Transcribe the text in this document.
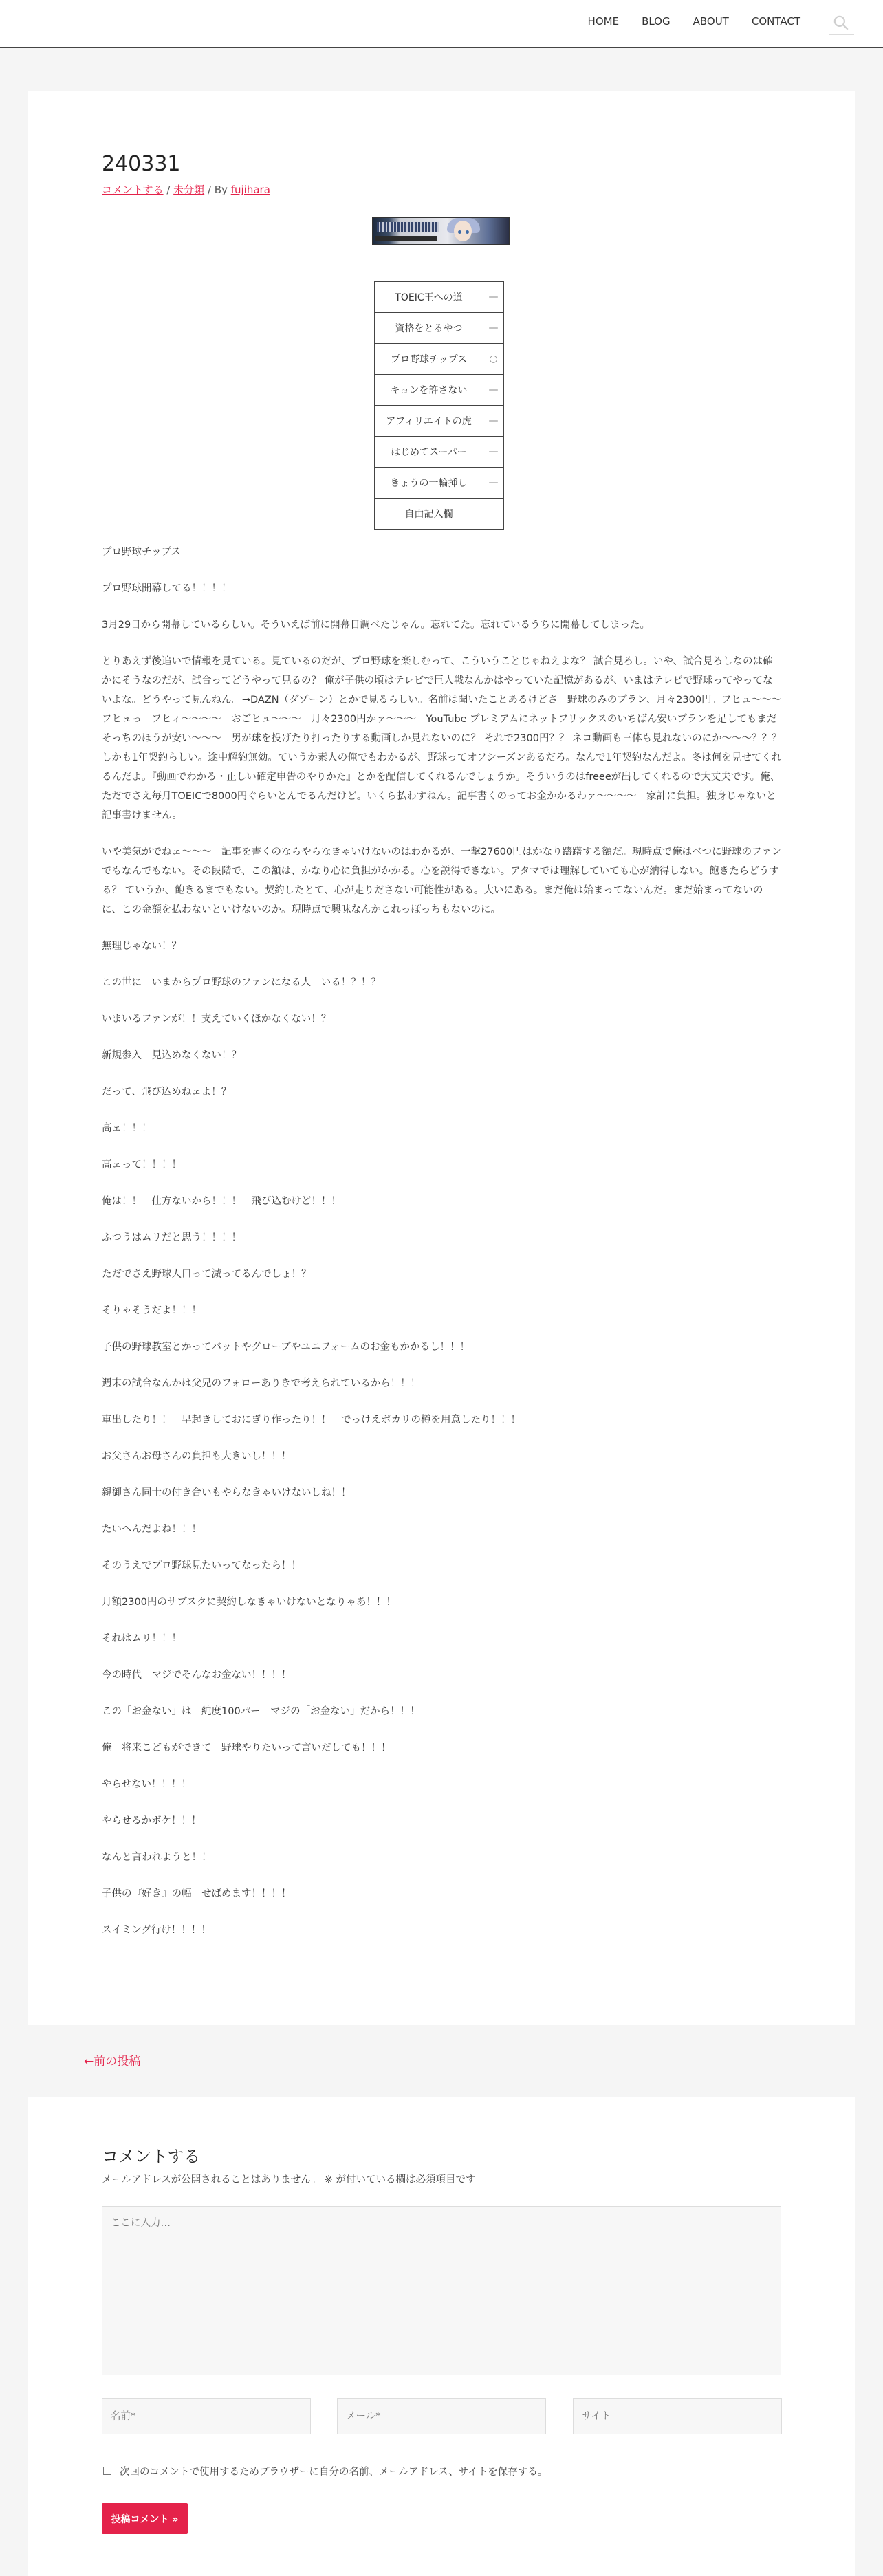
HOME BLOG ABOUT CONTACT
240331
コメントする / 未分類 / By fujihara
TOEIC王への道	—
資格をとるやつ	—
プロ野球チップス	○
キョンを許さない	—
アフィリエイトの虎	—
はじめてスーパー	—
きょうの一輪挿し	—
自由記入欄	

プロ野球チップス

プロ野球開幕してる！！！！

3月29日から開幕しているらしい。そういえば前に開幕日調べたじゃん。忘れてた。忘れているうちに開幕してしまった。

とりあえず後追いで情報を見ている。見ているのだが、プロ野球を楽しむって、こういうことじゃねえよな？ 試合見ろし。いや、試合見ろしなのは確かにそうなのだが、試合ってどうやって見るの？ 俺が子供の頃はテレビで巨人戦なんかはやっていた記憶があるが、いまはテレビで野球ってやってないよな。どうやって見んねん。→DAZN（ダゾーン）とかで見るらしい。名前は聞いたことあるけどさ。野球のみのプラン、月々2300円。フヒュ〜〜〜　フヒュっ　フヒィ〜〜〜〜　おごヒュ〜〜〜　月々2300円かァ〜〜〜　YouTube プレミアムにネットフリックスのいちばん安いプランを足してもまだそっちのほうが安い〜〜〜　男が球を投げたり打ったりする動画しか見れないのに？ それで2300円？？ ネコ動画も三体も見れないのにか〜〜〜？？？ しかも1年契約らしい。途中解約無効。ていうか素人の俺でもわかるが、野球ってオフシーズンあるだろ。なんで1年契約なんだよ。冬は何を見せてくれるんだよ。『動画でわかる・正しい確定申告のやりかた』とかを配信してくれるんでしょうか。そういうのはfreeeが出してくれるので大丈夫です。俺、ただでさえ毎月TOEICで8000円ぐらいとんでるんだけど。いくら払わすねん。記事書くのってお金かかるわァ〜〜〜〜　家計に負担。独身じゃないと記事書けません。

いや美気がでねェ〜〜〜　記事を書くのならやらなきゃいけないのはわかるが、一撃27600円はかなり躊躇する額だ。現時点で俺はべつに野球のファンでもなんでもない。その段階で、この額は、かなり心に負担がかかる。心を説得できない。アタマでは理解していても心が納得しない。飽きたらどうする？ ていうか、飽きるまでもない。契約したとて、心が走りださない可能性がある。大いにある。まだ俺は始まってないんだ。まだ始まってないのに、この金額を払わないといけないのか。現時点で興味なんかこれっぽっちもないのに。

無理じゃない！？

この世に　いまからプロ野球のファンになる人　いる！？！？

いまいるファンが！！支えていくほかなくない！？

新規参入　見込めなくない！？

だって、飛び込めねェよ！？

高ェ！！！

高ェって！！！！

俺は！！　仕方ないから！！！　飛び込むけど！！！

ふつうはムリだと思う！！！！

ただでさえ野球人口って減ってるんでしょ！？

そりゃそうだよ！！！

子供の野球教室とかってバットやグローブやユニフォームのお金もかかるし！！！

週末の試合なんかは父兄のフォローありきで考えられているから！！！

車出したり！！　早起きしておにぎり作ったり！！　でっけえポカリの樽を用意したり！！！

お父さんお母さんの負担も大きいし！！！

親御さん同士の付き合いもやらなきゃいけないしね！！

たいへんだよね！！！

そのうえでプロ野球見たいってなったら！！

月額2300円のサブスクに契約しなきゃいけないとなりゃあ！！！

それはムリ！！！

今の時代　マジでそんなお金ない！！！！

この「お金ない」は　純度100パー　マジの「お金ない」だから！！！

俺　将来こどもができて　野球やりたいって言いだしても！！！

やらせない！！！！

やらせるかボケ！！！

なんと言われようと！！

子供の『好き』の幅　せばめます！！！！

スイミング行け！！！！

←前の投稿
コメントする

メールアドレスが公開されることはありません。 ※ が付いている欄は必須項目です

ここに入力…
名前*
メール*
サイト
次回のコメントで使用するためブラウザーに自分の名前、メールアドレス、サイトを保存する。
投稿コメント »
